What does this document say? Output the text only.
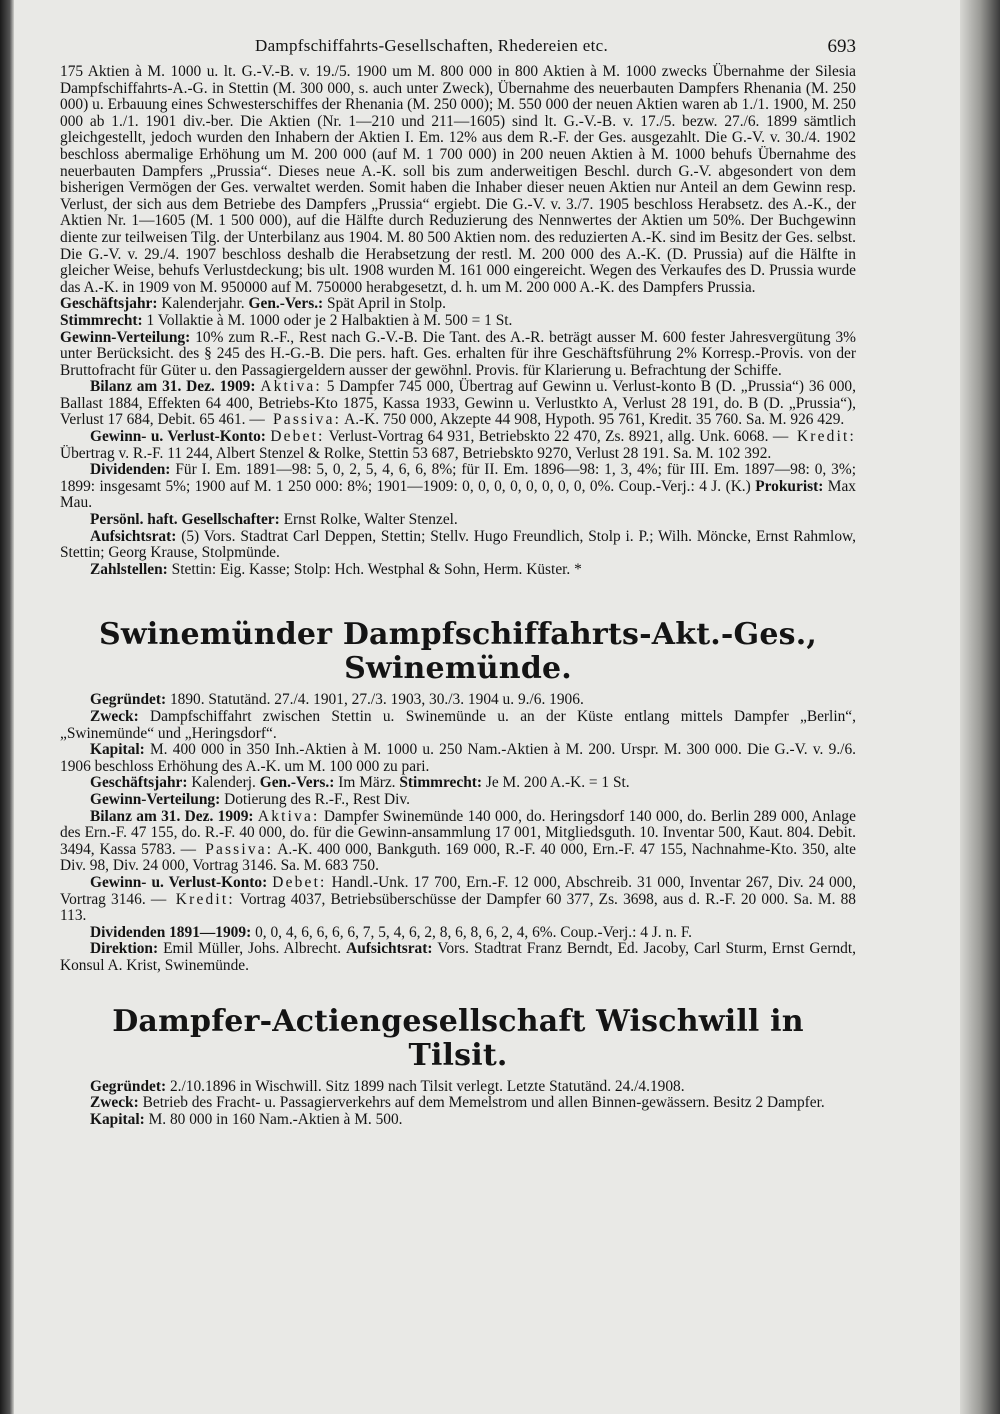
Dampfschiffahrts-Gesellschaften, Rhedereien etc.	693

175 Aktien à M. 1000 u. lt. G.-V.-B. v. 19./5. 1900 um M. 800 000 in 800 Aktien à M. 1000 zwecks Übernahme der Silesia Dampfschiffahrts-A.-G. in Stettin (M. 300 000, s. auch unter Zweck), Übernahme des neuerbauten Dampfers Rhenania (M. 250 000) u. Erbauung eines Schwesterschiffes der Rhenania (M. 250 000); M. 550 000 der neuen Aktien waren ab 1./1. 1900, M. 250 000 ab 1./1. 1901 div.-ber. Die Aktien (Nr. 1—210 und 211—1605) sind lt. G.-V.-B. v. 17./5. bezw. 27./6. 1899 sämtlich gleichgestellt, jedoch wurden den Inhabern der Aktien I. Em. 12% aus dem R.-F. der Ges. ausgezahlt. Die G.-V. v. 30./4. 1902 beschloss abermalige Erhöhung um M. 200 000 (auf M. 1 700 000) in 200 neuen Aktien à M. 1000 behufs Übernahme des neuerbauten Dampfers „Prussia“. Dieses neue A.-K. soll bis zum anderweitigen Beschl. durch G.-V. abgesondert von dem bisherigen Vermögen der Ges. verwaltet werden. Somit haben die Inhaber dieser neuen Aktien nur Anteil an dem Gewinn resp. Verlust, der sich aus dem Betriebe des Dampfers „Prussia“ ergiebt. Die G.-V. v. 3./7. 1905 beschloss Herabsetz. des A.-K., der Aktien Nr. 1—1605 (M. 1 500 000), auf die Hälfte durch Reduzierung des Nennwertes der Aktien um 50%. Der Buchgewinn diente zur teilweisen Tilg. der Unterbilanz aus 1904. M. 80 500 Aktien nom. des reduzierten A.-K. sind im Besitz der Ges. selbst. Die G.-V. v. 29./4. 1907 beschloss deshalb die Herabsetzung der restl. M. 200 000 des A.-K. (D. Prussia) auf die Hälfte in gleicher Weise, behufs Verlustdeckung; bis ult. 1908 wurden M. 161 000 eingereicht. Wegen des Verkaufes des D. Prussia wurde das A.-K. in 1909 von M. 950000 auf M. 750000 herabgesetzt, d. h. um M. 200 000 A.-K. des Dampfers Prussia.

Geschäftsjahr: Kalenderjahr. Gen.-Vers.: Spät April in Stolp.

Stimmrecht: 1 Vollaktie à M. 1000 oder je 2 Halbaktien à M. 500 = 1 St.

Gewinn-Verteilung: 10% zum R.-F., Rest nach G.-V.-B. Die Tant. des A.-R. beträgt ausser M. 600 fester Jahresvergütung 3% unter Berücksicht. des § 245 des H.-G.-B. Die pers. haft. Ges. erhalten für ihre Geschäftsführung 2% Korresp.-Provis. von der Bruttofracht für Güter u. den Passagiergeldern ausser der gewöhnl. Provis. für Klarierung u. Befrachtung der Schiffe.

Bilanz am 31. Dez. 1909: Aktiva: 5 Dampfer 745 000, Übertrag auf Gewinn u. Verlust-konto B (D. „Prussia“) 36 000, Ballast 1884, Effekten 64 400, Betriebs-Kto 1875, Kassa 1933, Gewinn u. Verlustkto A, Verlust 28 191, do. B (D. „Prussia“), Verlust 17 684, Debit. 65 461. — Passiva: A.-K. 750 000, Akzepte 44 908, Hypoth. 95 761, Kredit. 35 760. Sa. M. 926 429.

Gewinn- u. Verlust-Konto: Debet: Verlust-Vortrag 64 931, Betriebskto 22 470, Zs. 8921, allg. Unk. 6068. — Kredit: Übertrag v. R.-F. 11 244, Albert Stenzel & Rolke, Stettin 53 687, Betriebskto 9270, Verlust 28 191. Sa. M. 102 392.

Dividenden: Für I. Em. 1891—98: 5, 0, 2, 5, 4, 6, 6, 8%; für II. Em. 1896—98: 1, 3, 4%; für III. Em. 1897—98: 0, 3%; 1899: insgesamt 5%; 1900 auf M. 1 250 000: 8%; 1901—1909: 0, 0, 0, 0, 0, 0, 0, 0, 0%. Coup.-Verj.: 4 J. (K.) Prokurist: Max Mau.

Persönl. haft. Gesellschafter: Ernst Rolke, Walter Stenzel.

Aufsichtsrat: (5) Vors. Stadtrat Carl Deppen, Stettin; Stellv. Hugo Freundlich, Stolp i. P.; Wilh. Möncke, Ernst Rahmlow, Stettin; Georg Krause, Stolpmünde.

Zahlstellen: Stettin: Eig. Kasse; Stolp: Hch. Westphal & Sohn, Herm. Küster. *

Swinemünder Dampfschiffahrts-Akt.-Ges., Swinemünde.

Gegründet: 1890. Statutänd. 27./4. 1901, 27./3. 1903, 30./3. 1904 u. 9./6. 1906.

Zweck: Dampfschiffahrt zwischen Stettin u. Swinemünde u. an der Küste entlang mittels Dampfer „Berlin“, „Swinemünde“ und „Heringsdorf“.

Kapital: M. 400 000 in 350 Inh.-Aktien à M. 1000 u. 250 Nam.-Aktien à M. 200. Urspr. M. 300 000. Die G.-V. v. 9./6. 1906 beschloss Erhöhung des A.-K. um M. 100 000 zu pari.

Geschäftsjahr: Kalenderj. Gen.-Vers.: Im März. Stimmrecht: Je M. 200 A.-K. = 1 St.

Gewinn-Verteilung: Dotierung des R.-F., Rest Div.

Bilanz am 31. Dez. 1909: Aktiva: Dampfer Swinemünde 140 000, do. Heringsdorf 140 000, do. Berlin 289 000, Anlage des Ern.-F. 47 155, do. R.-F. 40 000, do. für die Gewinn-ansammlung 17 001, Mitgliedsguth. 10. Inventar 500, Kaut. 804. Debit. 3494, Kassa 5783. — Passiva: A.-K. 400 000, Bankguth. 169 000, R.-F. 40 000, Ern.-F. 47 155, Nachnahme-Kto. 350, alte Div. 98, Div. 24 000, Vortrag 3146. Sa. M. 683 750.

Gewinn- u. Verlust-Konto: Debet: Handl.-Unk. 17 700, Ern.-F. 12 000, Abschreib. 31 000, Inventar 267, Div. 24 000, Vortrag 3146. — Kredit: Vortrag 4037, Betriebsüberschüsse der Dampfer 60 377, Zs. 3698, aus d. R.-F. 20 000. Sa. M. 88 113.

Dividenden 1891—1909: 0, 0, 4, 6, 6, 6, 6, 7, 5, 4, 6, 2, 8, 6, 8, 6, 2, 4, 6%. Coup.-Verj.: 4 J. n. F.

Direktion: Emil Müller, Johs. Albrecht. Aufsichtsrat: Vors. Stadtrat Franz Berndt, Ed. Jacoby, Carl Sturm, Ernst Gerndt, Konsul A. Krist, Swinemünde.

Dampfer-Actiengesellschaft Wischwill in Tilsit.

Gegründet: 2./10.1896 in Wischwill. Sitz 1899 nach Tilsit verlegt. Letzte Statutänd. 24./4.1908.

Zweck: Betrieb des Fracht- u. Passagierverkehrs auf dem Memelstrom und allen Binnen-gewässern. Besitz 2 Dampfer.

Kapital: M. 80 000 in 160 Nam.-Aktien à M. 500.
